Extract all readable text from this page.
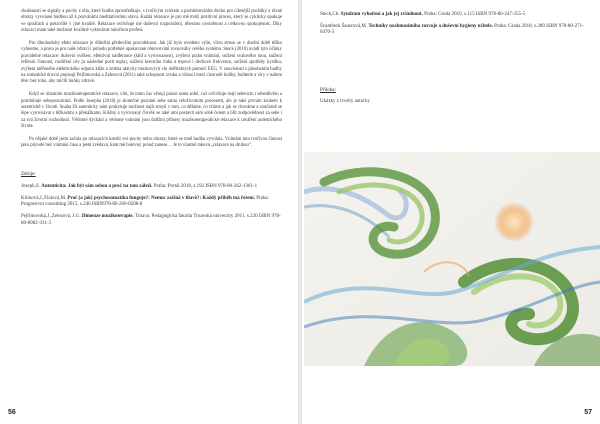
zkušeností se signály a pocity z těla, které hudba zprostředkuje, s tvořivým zvukem a prohlubováním dechu pro cílenější prožitky a různé obrazy vyvolané hudbou až k pozvánímí meditativnímu stavu. Každá relaxace je pro mě malý pozitivní proces, který se cyklicky opakuje ve spirálách a pokročilé v jiné kvalitě. Relaxace ovlivňuje mé duševní rozpoložení, tělesnou uvolněnost a celkovou spokojenost. Díky relaxaci mám také možnost kvalitně vykonávat náročnou profesi.

Pro dlouhodobý efekt relaxace je důležitá především pravidelnost. Jak již bylo uvedeno výše, vlivu stresu se v dnešní době těžko vyhneme, a proto je pro naše zdraví i pohodu potřebné opakované obnovování rovnováhy celého systému. Steck (2010) uvádí tyto účinky pravidelné relaxace: duševní svěžest, efektivní nádferance (klid a vyrovnanost), zvýšení prahu vnímání, snížení svalového tonu, snížení reflexní činnosti, rozšíření cév (a následné pocit tepla), snížení krevního tlaku a tepové i dechové frekvence, snížení spotřeby kyslíku, zvýšení měřeného elektrického odporu kůže a změna aktivity mozkových vln měřitelných pomocí EEG. V souvislosti s působením hudby na somatické úrovni popisují Pejřimovská a Zelezová (2011) také schopnost zvuku a vibrací mezi cizorodé buňky, buňterie a viry v našem těle: bez toho, aby mičili buňky zdravé.

Když se účastním muzikoterapeutické relaxace, vím, že tento čas věnuji pouze sama sobě, což ovlivňuje mají sebeúctu i sebedůvěru a prohlubuje sebepoznávání. Podle Josepha (2018) je skutečné poznání sebe sama celoživotním procesem, ale je také prvním krokem k autenticitě v životě. Snaha žít autenticky nám poskytuje možnost najít smysl v tom, co děláme, co cítíme a jak se chováme a současně se lépe vyrovnávat s těžkostmi a překážkami. Klidný a vyrovnaný člověk se také umí postavit sám sobě čelem a břít zodpovědnost za sebe i za svá životní rozhodnutí. Vědomé dýchání a vědomé vnímání jsou dalšími přínosy muzikoterapeutické relaxace k utváření autentického života.

Po nějaké době jsem začala po relaxacích kreslit své pocity nebo obrazy, které se mně hudba vyvolala. Vnímám tuto tvořivou činnost jako plynulé bez vnímání času a jsem zvědavá, kam mě barevný proud zanese… Je to vlastně taková „relaxace na druhou".

Zdroje:
Joseph,S. Autenticita: Jak být sám sebou a proč na tom záleží. Praha: Portál 2018, s.192 ISBN 978-80-262-1361-1
Klimová,J.,Fialová,M. Proč (a jak) psychosomatika funguje?: Nemoc začíná v hlavě?: Každý příběh má řešení. Praha: Progresivní consulting 2015, s.246 ISBN978-80-260-8208-8
Pejřimovská,J.,Zelezová, J.G. Dimenze muzikoterapie. Trnava: Pedagogická fakulta Trnavská univerzity 2011, s.220 ISBN 978-80-8082-331-3
56
Steck,Ch. Syndrom vyhoření a jak jej zvládnout. Praha: Grada 2010, s.115 ISBN 978-80-247-355-5
Švamberk Šauerová,M. Techniky uzabmosimiha rozvoje a duševní hygieny učitele. Praha: Grada 2018, s.280 ISBN 978-80-271-0470-3
Příloha:
Ukázky z tvorby autorky
57
